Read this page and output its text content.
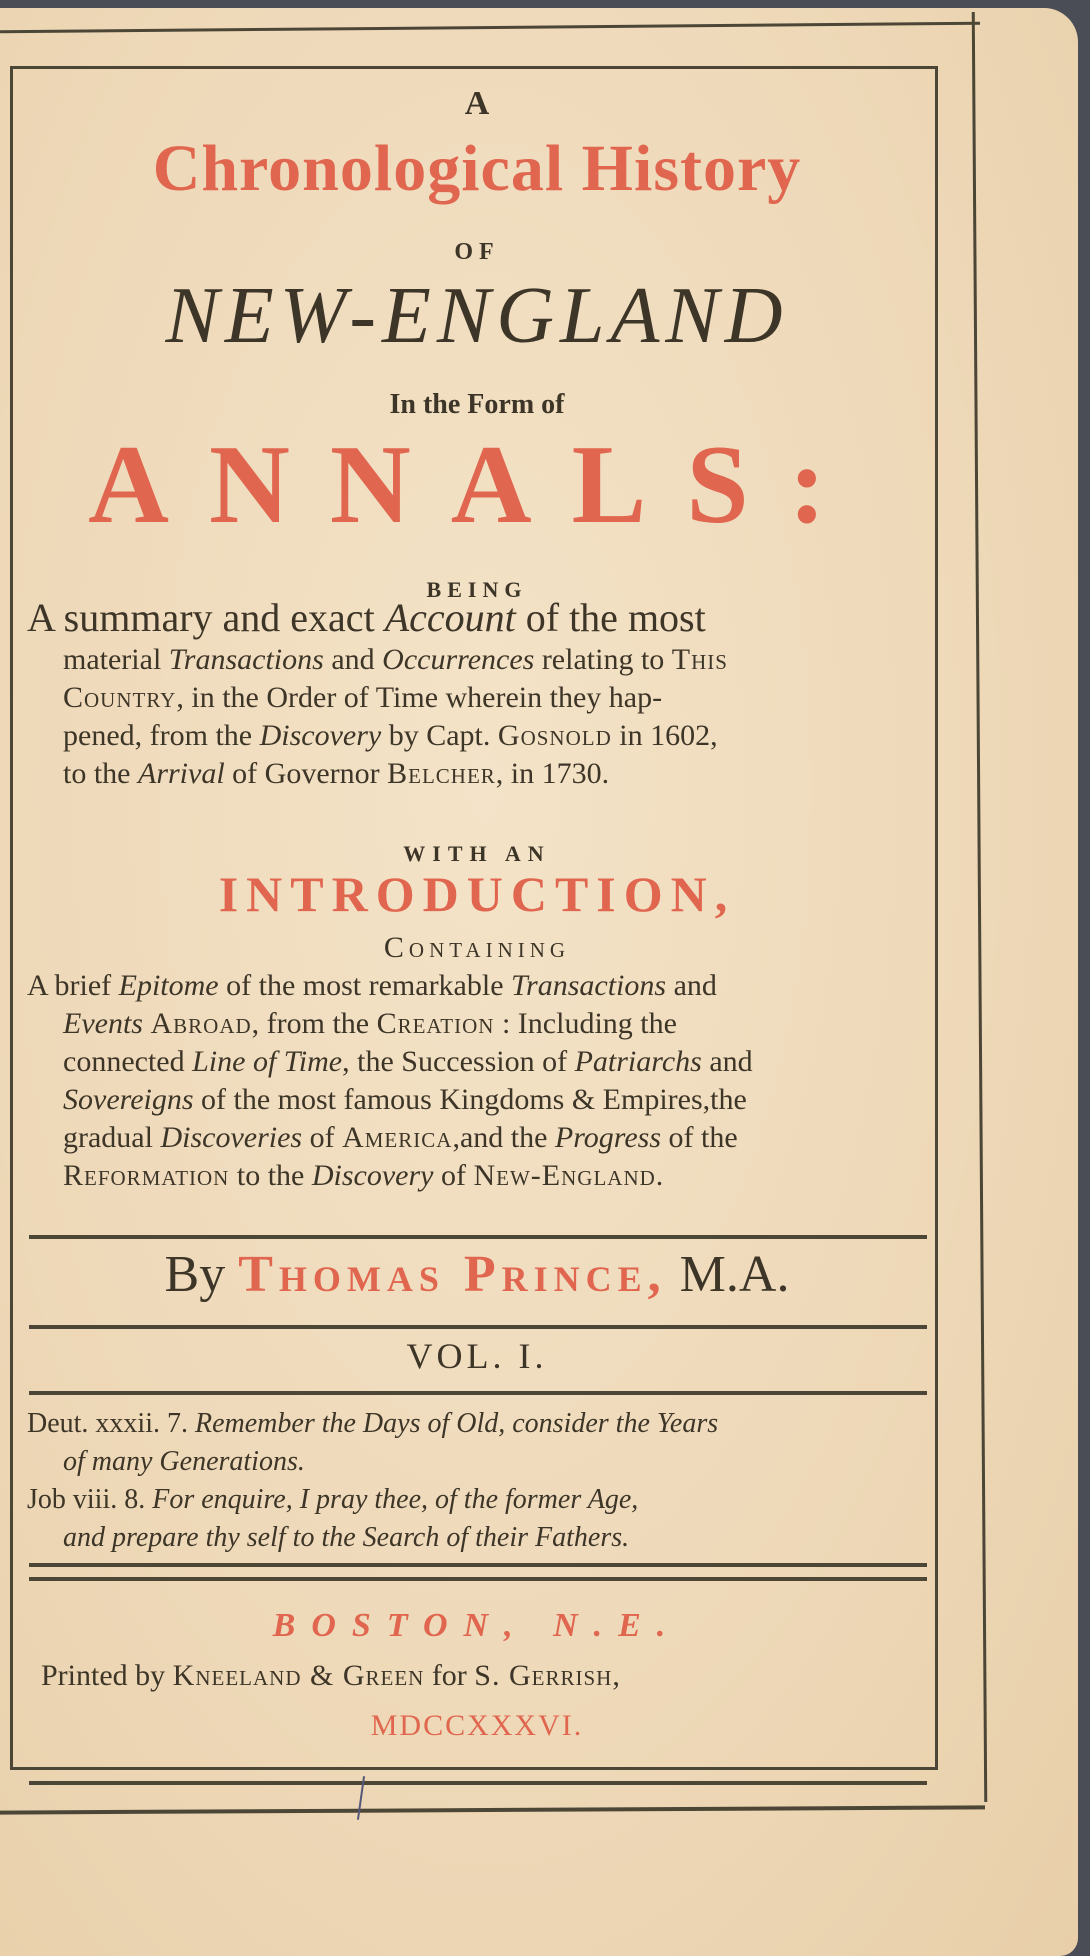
A
Chronological History
OF
NEW-ENGLAND
In the Form of
ANNALS:
BEING
A summary and exact Account of the most
material Transactions and Occurrences relating to This
Country, in the Order of Time wherein they hap-
pened, from the Discovery by Capt. Gosnold in 1602,
to the Arrival of Governor Belcher, in 1730.
WITH AN
INTRODUCTION,
Containing
A brief Epitome of the most remarkable Transactions and
Events Abroad, from the Creation : Including the
connected Line of Time, the Succession of Patriarchs and
Sovereigns of the most famous Kingdoms & Empires,the
gradual Discoveries of America,and the Progress of the
Reformation to the Discovery of New-England.
By Thomas Prince, M.A.
VOL. I.
Deut. xxxii. 7. Remember the Days of Old, consider the Years
of many Generations.
Job viii. 8. For enquire, I pray thee, of the former Age,
and prepare thy self to the Search of their Fathers.
BOSTON, N.E.
Printed by Kneeland & Green for S. Gerrish,
MDCCXXXVI.
